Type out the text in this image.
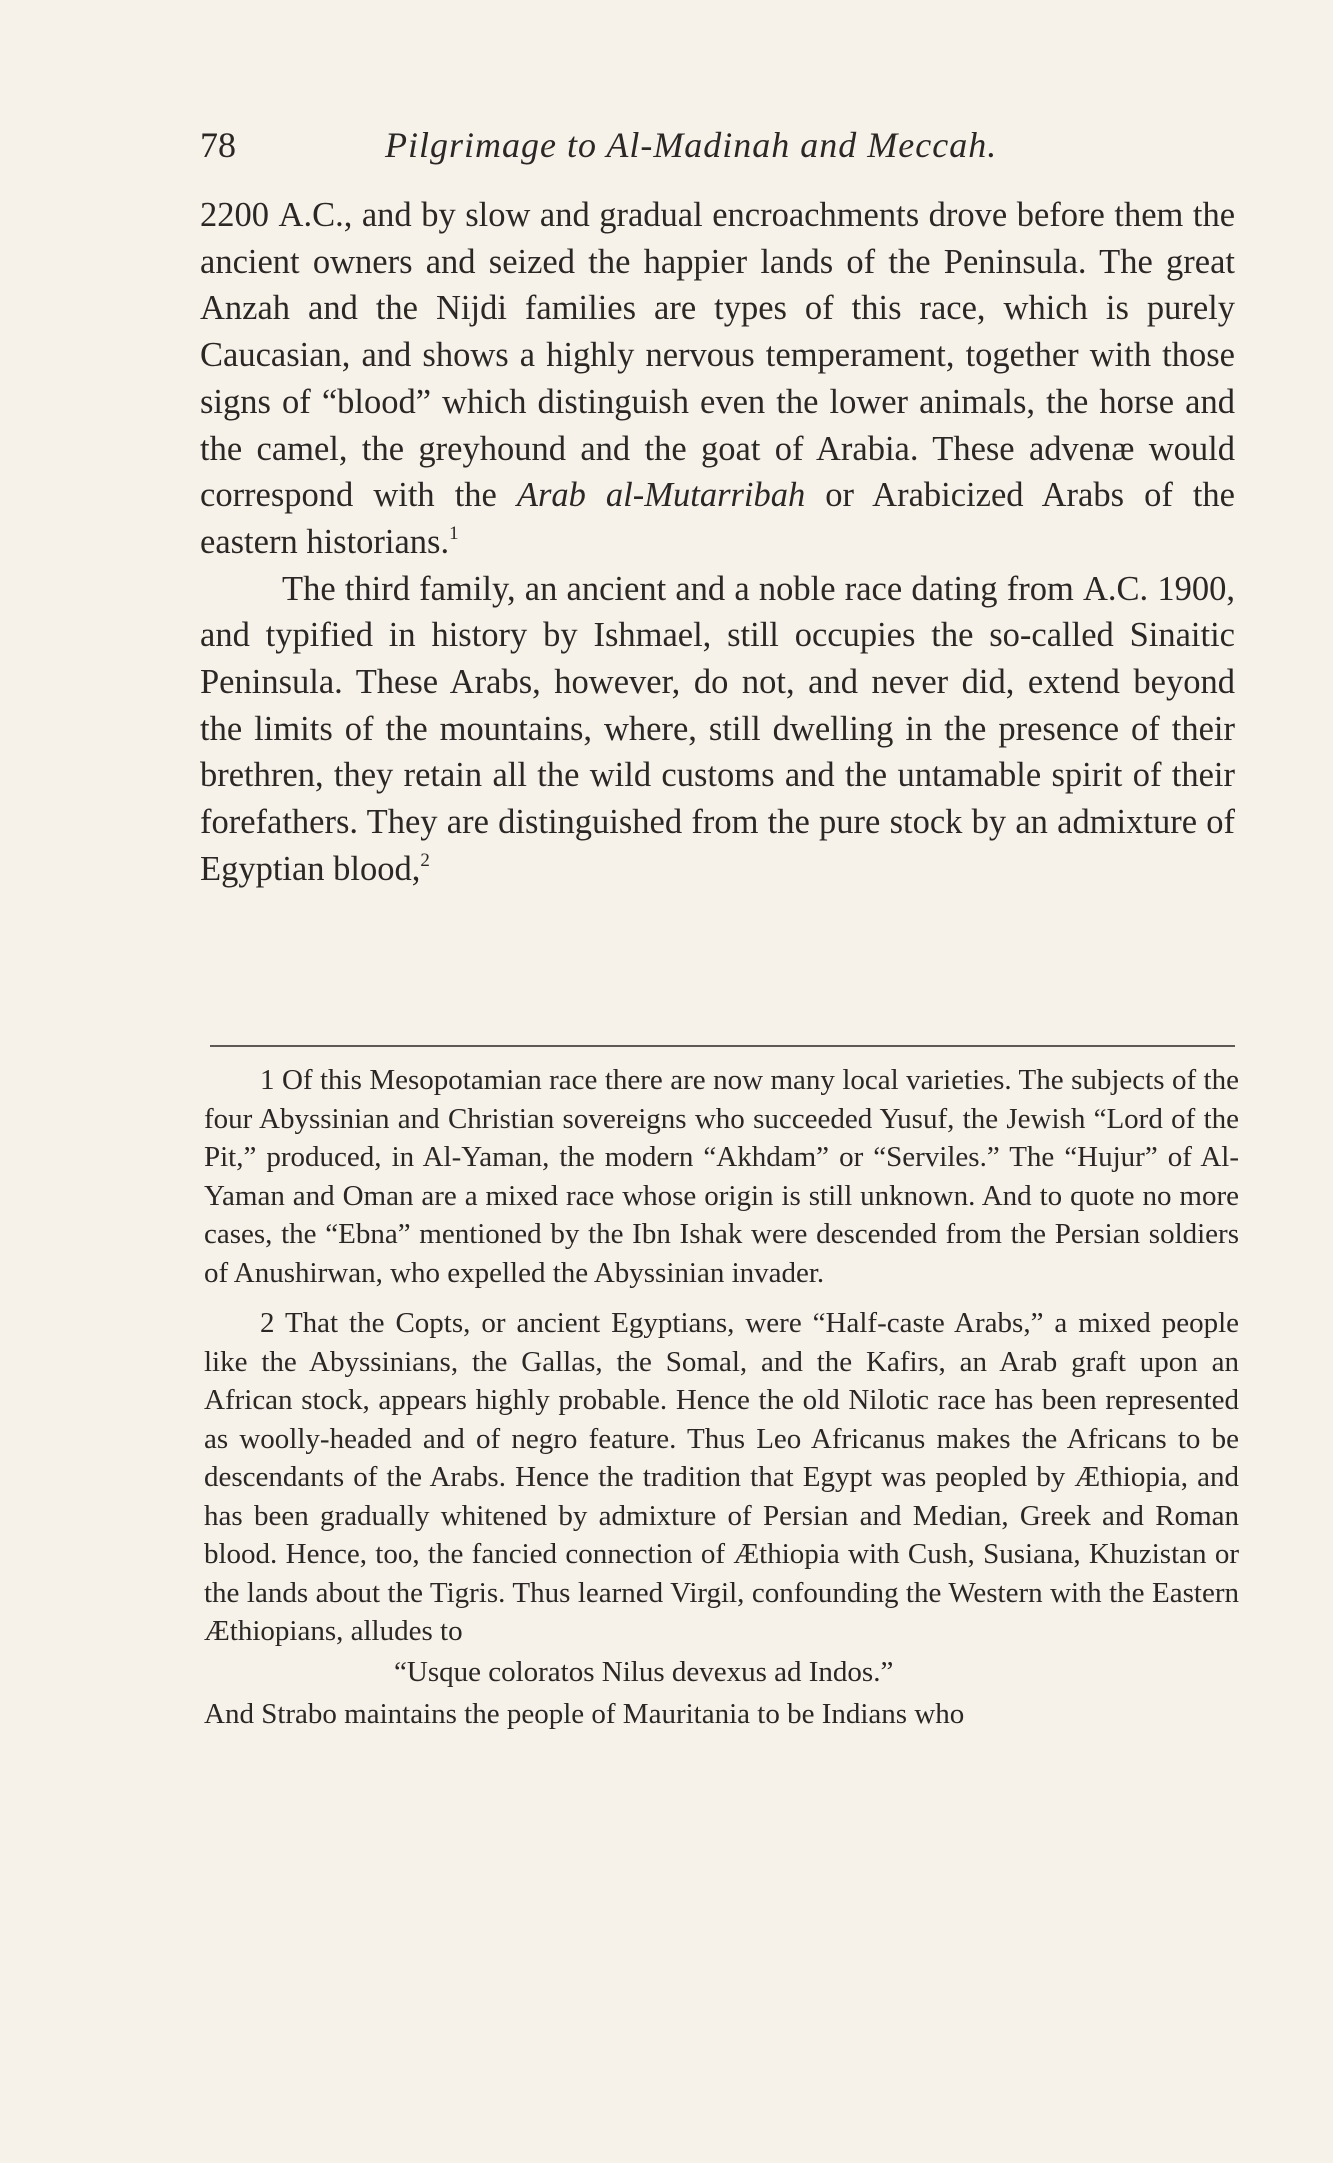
78	Pilgrimage to Al-Madinah and Meccah.

2200 A.C., and by slow and gradual encroachments drove before them the ancient owners and seized the happier lands of the Peninsula. The great Anzah and the Nijdi families are types of this race, which is purely Caucasian, and shows a highly nervous temperament, together with those signs of “blood” which distinguish even the lower animals, the horse and the camel, the greyhound and the goat of Arabia. These advenæ would correspond with the Arab al-Mutarribah or Arabicized Arabs of the eastern historians.$^1$

The third family, an ancient and a noble race dating from A.C. 1900, and typified in history by Ishmael, still occupies the so-called Sinaitic Peninsula. These Arabs, however, do not, and never did, extend beyond the limits of the mountains, where, still dwelling in the presence of their brethren, they retain all the wild customs and the untamable spirit of their forefathers. They are distinguished from the pure stock by an admixture of Egyptian blood,$^2$

1 Of this Mesopotamian race there are now many local varieties. The subjects of the four Abyssinian and Christian sovereigns who succeeded Yusuf, the Jewish “Lord of the Pit,” produced, in Al-Yaman, the modern “Akhdam” or “Serviles.” The “Hujur” of Al-Yaman and Oman are a mixed race whose origin is still unknown. And to quote no more cases, the “Ebna” mentioned by the Ibn Ishak were descended from the Persian soldiers of Anushirwan, who expelled the Abyssinian invader.

2 That the Copts, or ancient Egyptians, were “Half-caste Arabs,” a mixed people like the Abyssinians, the Gallas, the Somal, and the Kafirs, an Arab graft upon an African stock, appears highly probable. Hence the old Nilotic race has been represented as woolly-headed and of negro feature. Thus Leo Africanus makes the Africans to be descendants of the Arabs. Hence the tradition that Egypt was peopled by Æthiopia, and has been gradually whitened by admixture of Persian and Median, Greek and Roman blood. Hence, too, the fancied connection of Æthiopia with Cush, Susiana, Khuzistan or the lands about the Tigris. Thus learned Virgil, confounding the Western with the Eastern Æthiopians, alludes to

“Usque coloratos Nilus devexus ad Indos.”

And Strabo maintains the people of Mauritania to be Indians who
